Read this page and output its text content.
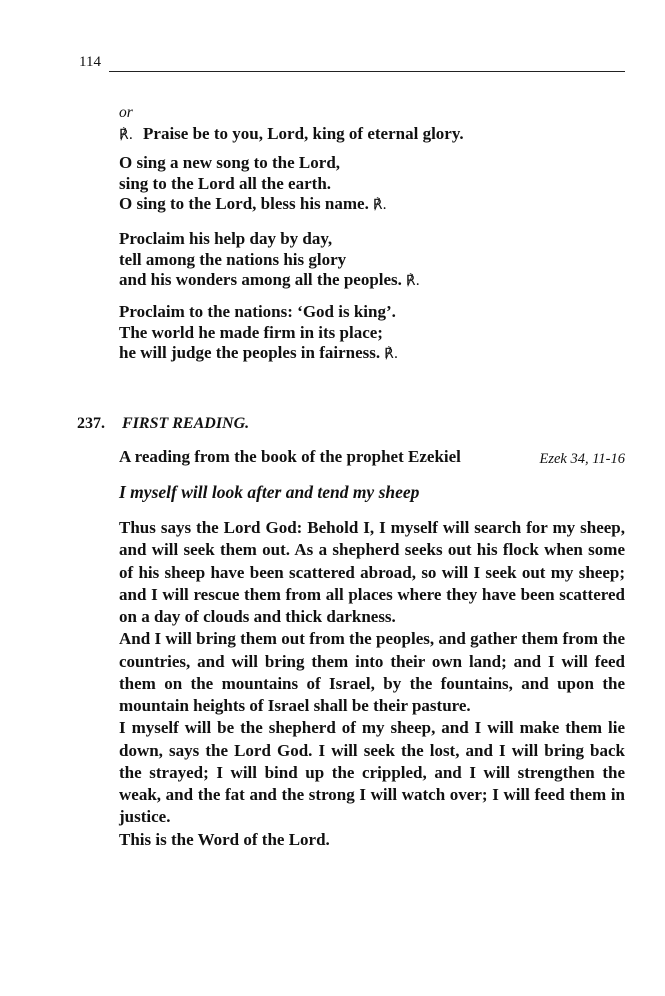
114
or
℟. Praise be to you, Lord, king of eternal glory.
O sing a new song to the Lord,
sing to the Lord all the earth.
O sing to the Lord, bless his name. ℟.
Proclaim his help day by day,
tell among the nations his glory
and his wonders among all the peoples. ℟.
Proclaim to the nations: ‘God is king’.
The world he made firm in its place;
he will judge the peoples in fairness. ℟.
237. FIRST READING.
A reading from the book of the prophet Ezekiel	Ezek 34, 11-16
I myself will look after and tend my sheep

Thus says the Lord God: Behold I, I myself will search for my sheep, and will seek them out. As a shepherd seeks out his flock when some of his sheep have been scattered abroad, so will I seek out my sheep; and I will rescue them from all places where they have been scattered on a day of clouds and thick darkness.

And I will bring them out from the peoples, and gather them from the countries, and will bring them into their own land; and I will feed them on the mountains of Israel, by the fountains, and upon the mountain heights of Israel shall be their pasture.

I myself will be the shepherd of my sheep, and I will make them lie down, says the Lord God. I will seek the lost, and I will bring back the strayed; I will bind up the crippled, and I will strengthen the weak, and the fat and the strong I will watch over; I will feed them in justice.

This is the Word of the Lord.
